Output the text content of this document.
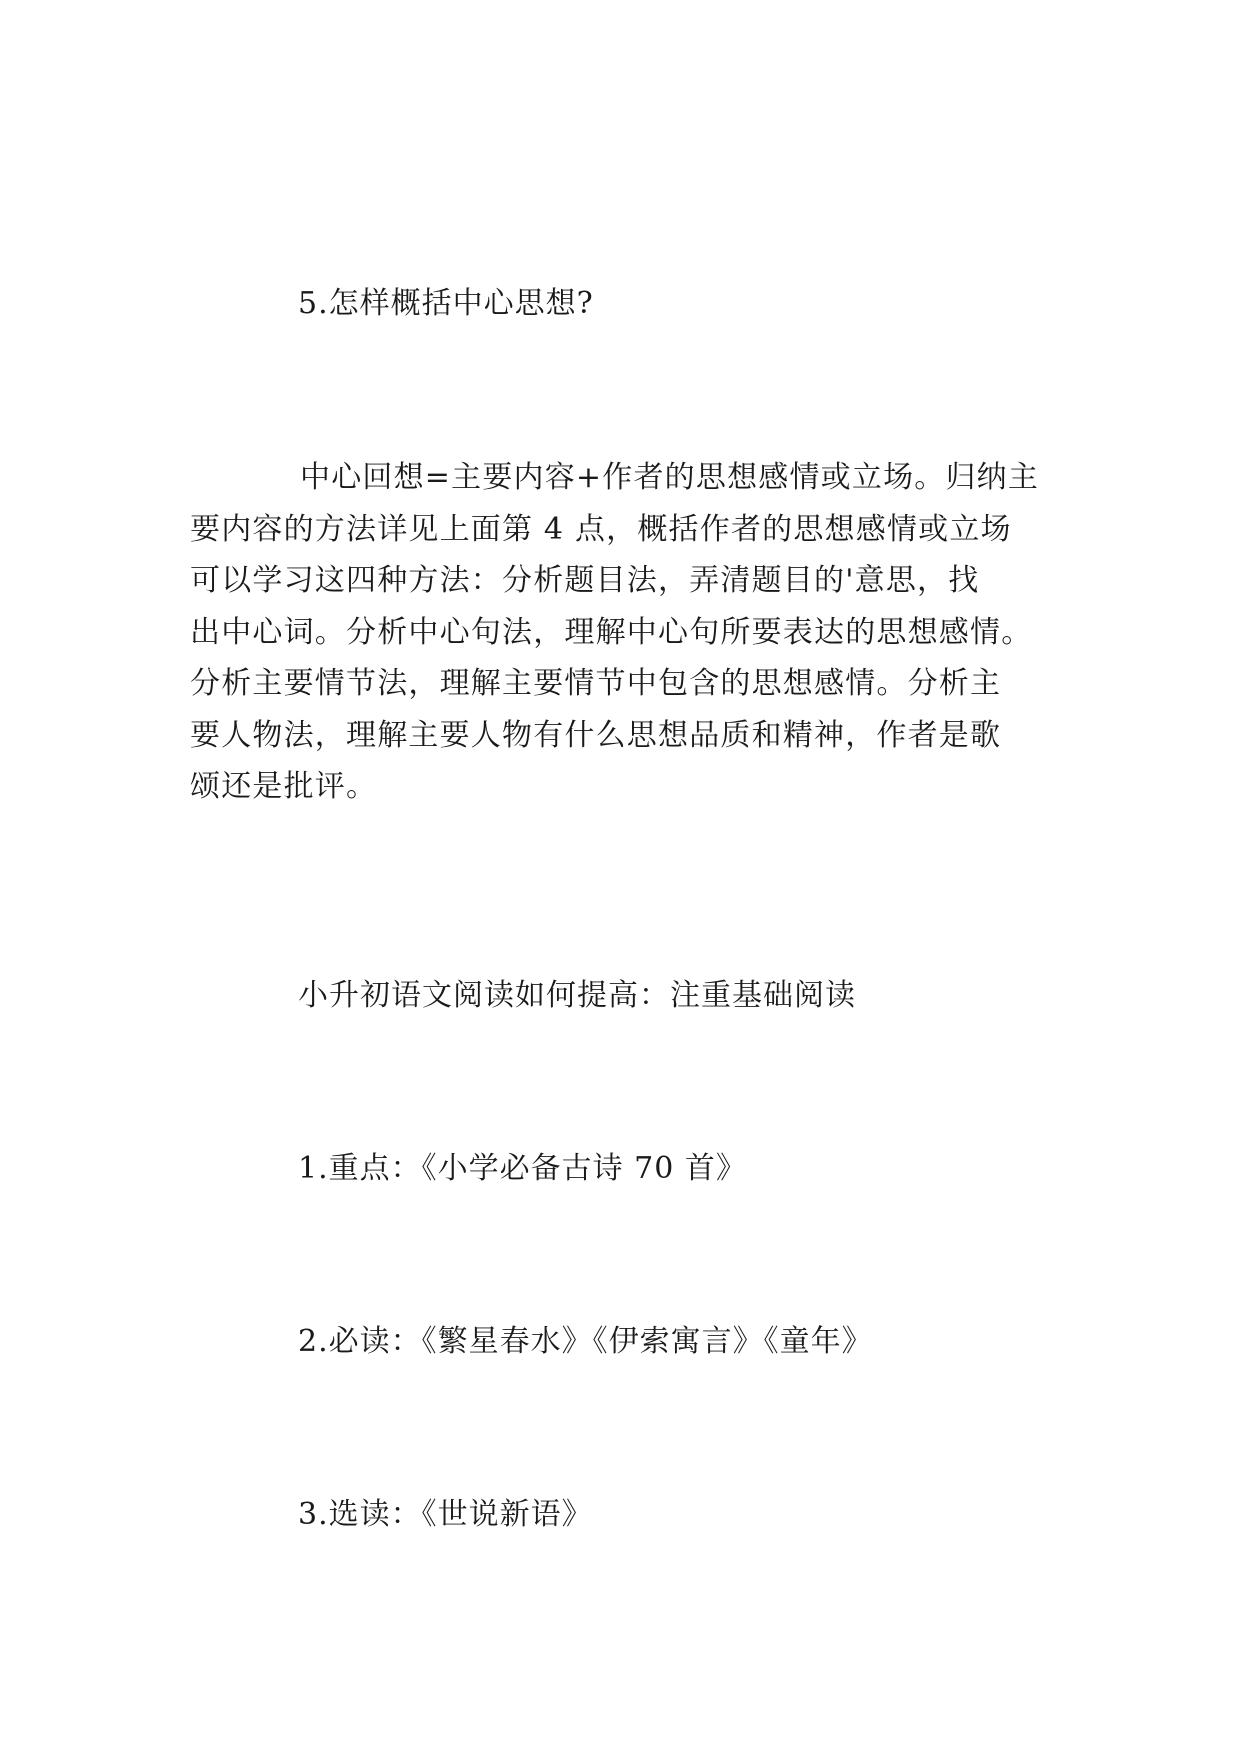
5.怎样概括中心思想?
中心回想=主要内容+作者的思想感情或立场。归纳主
要内容的方法详见上面第 4 点，概括作者的思想感情或立场
可以学习这四种方法：分析题目法，弄清题目的'意思，找
出中心词。分析中心句法，理解中心句所要表达的思想感情。
分析主要情节法，理解主要情节中包含的思想感情。分析主
要人物法，理解主要人物有什么思想品质和精神，作者是歌
颂还是批评。
小升初语文阅读如何提高：注重基础阅读
1.重点：《小学必备古诗 70 首》
2.必读：《繁星春水》《伊索寓言》《童年》
3.选读：《世说新语》
